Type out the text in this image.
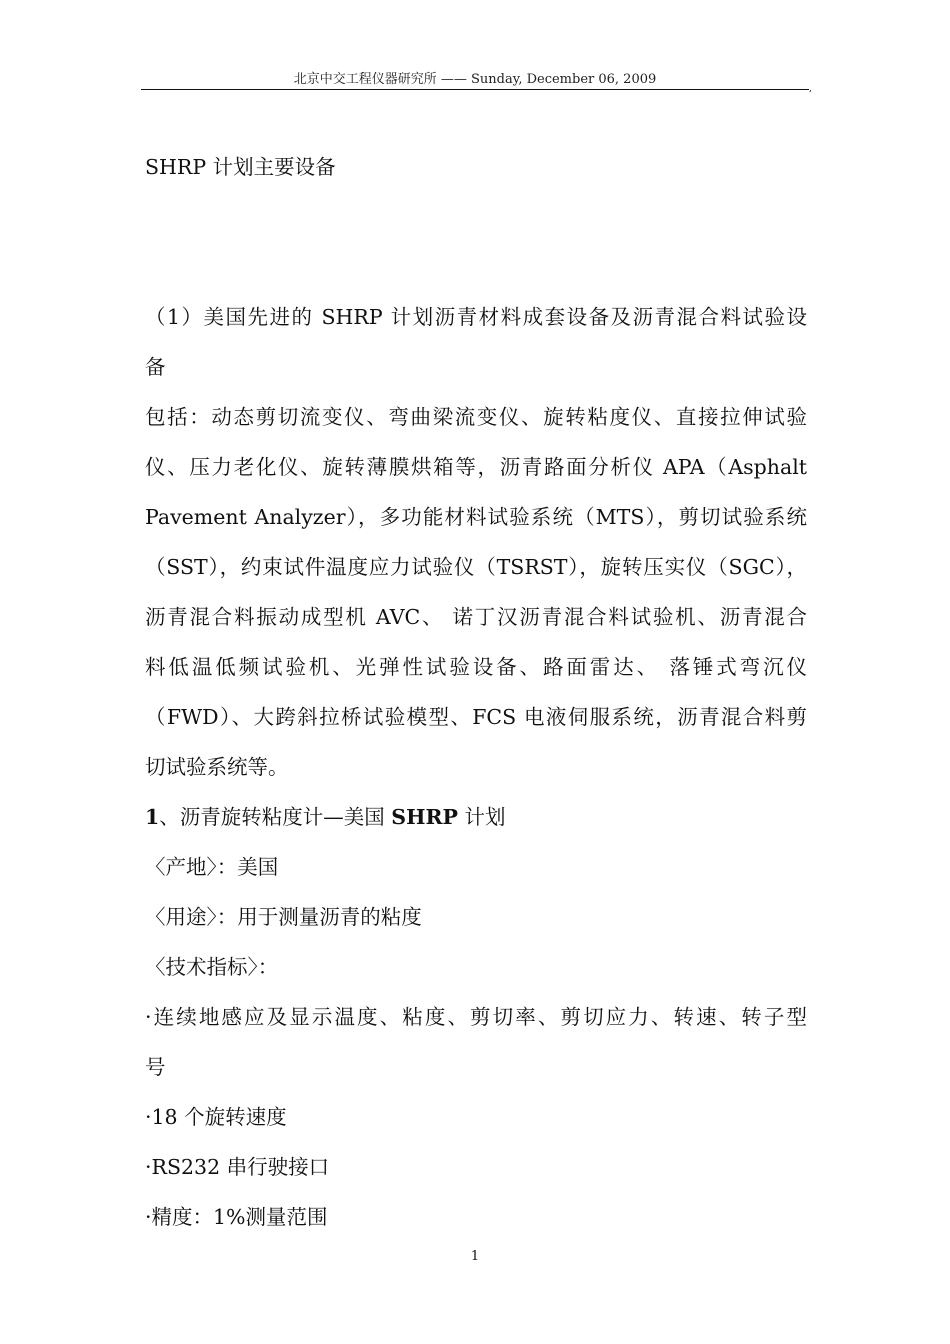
北京中交工程仪器研究所 —— Sunday, December 06, 2009
,
SHRP 计划主要设备
（1）美国先进的 SHRP 计划沥青材料成套设备及沥青混合料试验设
备
包括：动态剪切流变仪、弯曲梁流变仪、旋转粘度仪、直接拉伸试验
仪、压力老化仪、旋转薄膜烘箱等，沥青路面分析仪 APA（Asphalt
Pavement Analyzer），多功能材料试验系统（MTS），剪切试验系统
（SST），约束试件温度应力试验仪（TSRST），旋转压实仪（SGC），
沥青混合料振动成型机 AVC、 诺丁汉沥青混合料试验机、沥青混合
料低温低频试验机、光弹性试验设备、路面雷达、 落锤式弯沉仪
（FWD）、大跨斜拉桥试验模型、FCS 电液伺服系统，沥青混合料剪
切试验系统等。
1、沥青旋转粘度计—美国 SHRP 计划
〈产地〉：美国
〈用途〉：用于测量沥青的粘度
〈技术指标〉：
·连续地感应及显示温度、粘度、剪切率、剪切应力、转速、转子型
号
·18 个旋转速度
·RS232 串行驶接口
·精度：1%测量范围
1
